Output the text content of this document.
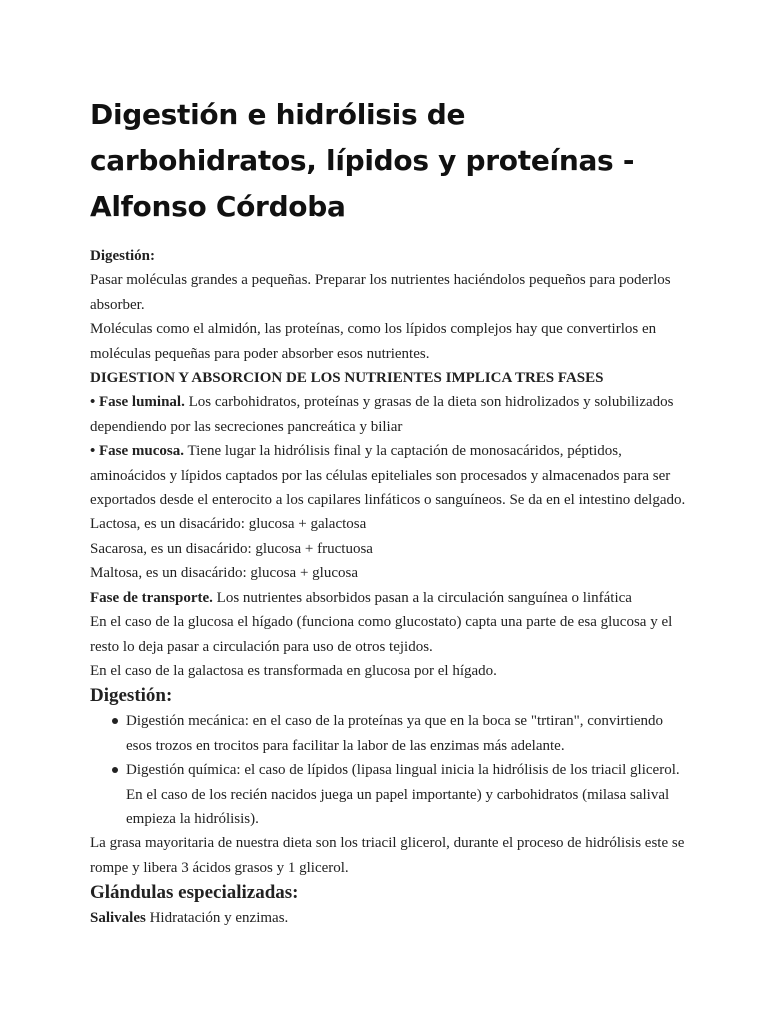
Digestión e hidrólisis de carbohidratos, lípidos y proteínas - Alfonso Córdoba

Digestión:

Pasar moléculas grandes a pequeñas. Preparar los nutrientes haciéndolos pequeños para poderlos absorber.

Moléculas como el almidón, las proteínas, como los lípidos complejos hay que convertirlos en moléculas pequeñas para poder absorber esos nutrientes.

DIGESTION Y ABSORCION DE LOS NUTRIENTES IMPLICA TRES FASES

• Fase luminal. Los carbohidratos, proteínas y grasas de la dieta son hidrolizados y solubilizados dependiendo por las secreciones pancreática y biliar

• Fase mucosa. Tiene lugar la hidrólisis final y la captación de monosacáridos, péptidos, aminoácidos y lípidos captados por las células epiteliales son procesados y almacenados para ser exportados desde el enterocito a los capilares linfáticos o sanguíneos. Se da en el intestino delgado.

Lactosa, es un disacárido: glucosa + galactosa

Sacarosa, es un disacárido: glucosa + fructuosa

Maltosa, es un disacárido: glucosa + glucosa

Fase de transporte. Los nutrientes absorbidos pasan a la circulación sanguínea o linfática

En el caso de la glucosa el hígado (funciona como glucostato) capta una parte de esa glucosa y el resto lo deja pasar a circulación para uso de otros tejidos.

En el caso de la galactosa es transformada en glucosa por el hígado.

Digestión:

Digestión mecánica: en el caso de la proteínas ya que en la boca se "trtiran", convirtiendo esos trozos en trocitos para facilitar la labor de las enzimas más adelante.
Digestión química: el caso de lípidos (lipasa lingual inicia la hidrólisis de los triacil glicerol. En el caso de los recién nacidos juega un papel importante) y carbohidratos (milasa salival empieza la hidrólisis).

La grasa mayoritaria de nuestra dieta son los triacil glicerol, durante el proceso de hidrólisis este se rompe y libera 3 ácidos grasos y 1 glicerol.

Glándulas especializadas:

Salivales Hidratación y enzimas.
